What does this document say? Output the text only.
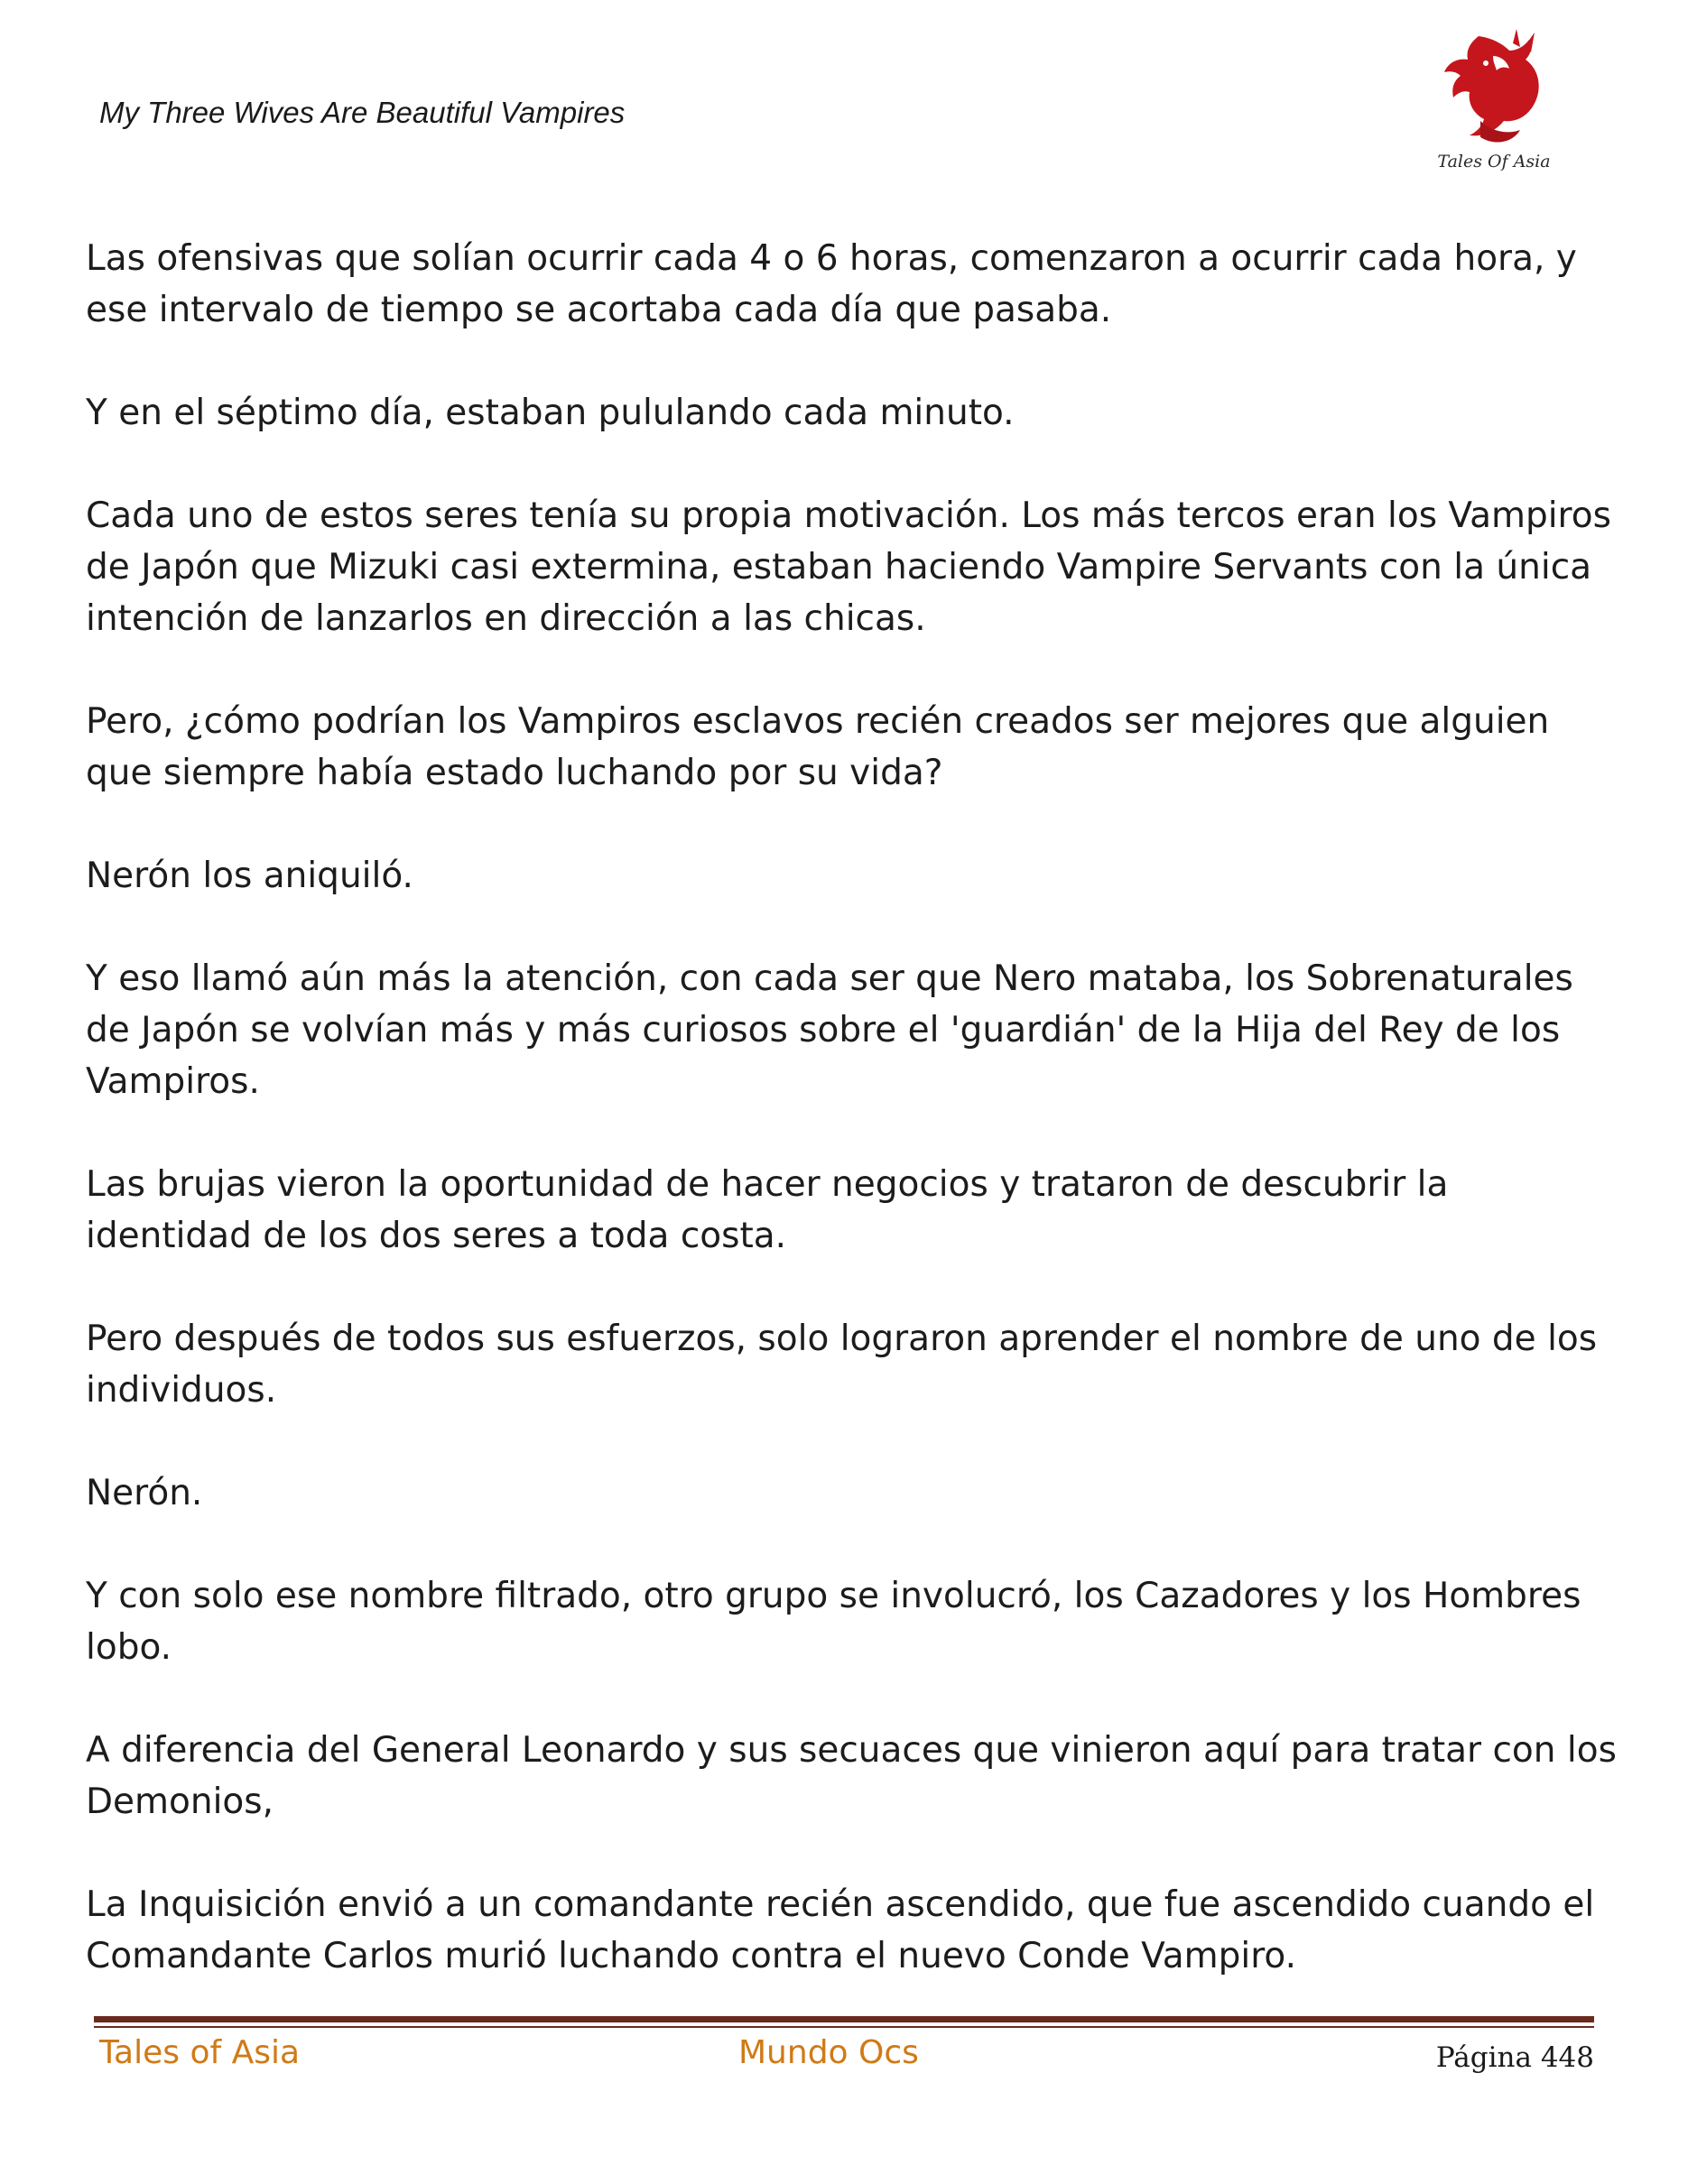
My Three Wives Are Beautiful Vampires
Tales Of Asia

Las ofensivas que solían ocurrir cada 4 o 6 horas, comenzaron a ocurrir cada hora, y ese intervalo de tiempo se acortaba cada día que pasaba.

Y en el séptimo día, estaban pululando cada minuto.

Cada uno de estos seres tenía su propia motivación. Los más tercos eran los Vampiros de Japón que Mizuki casi extermina, estaban haciendo Vampire Servants con la única intención de lanzarlos en dirección a las chicas.

Pero, ¿cómo podrían los Vampiros esclavos recién creados ser mejores que alguien que siempre había estado luchando por su vida?

Nerón los aniquiló.

Y eso llamó aún más la atención, con cada ser que Nero mataba, los Sobrenaturales de Japón se volvían más y más curiosos sobre el 'guardián' de la Hija del Rey de los Vampiros.

Las brujas vieron la oportunidad de hacer negocios y trataron de descubrir la identidad de los dos seres a toda costa.

Pero después de todos sus esfuerzos, solo lograron aprender el nombre de uno de los individuos.

Nerón.

Y con solo ese nombre filtrado, otro grupo se involucró, los Cazadores y los Hombres lobo.

A diferencia del General Leonardo y sus secuaces que vinieron aquí para tratar con los Demonios,

La Inquisición envió a un comandante recién ascendido, que fue ascendido cuando el Comandante Carlos murió luchando contra el nuevo Conde Vampiro.

Tales of Asia	Mundo Ocs	Página 448
